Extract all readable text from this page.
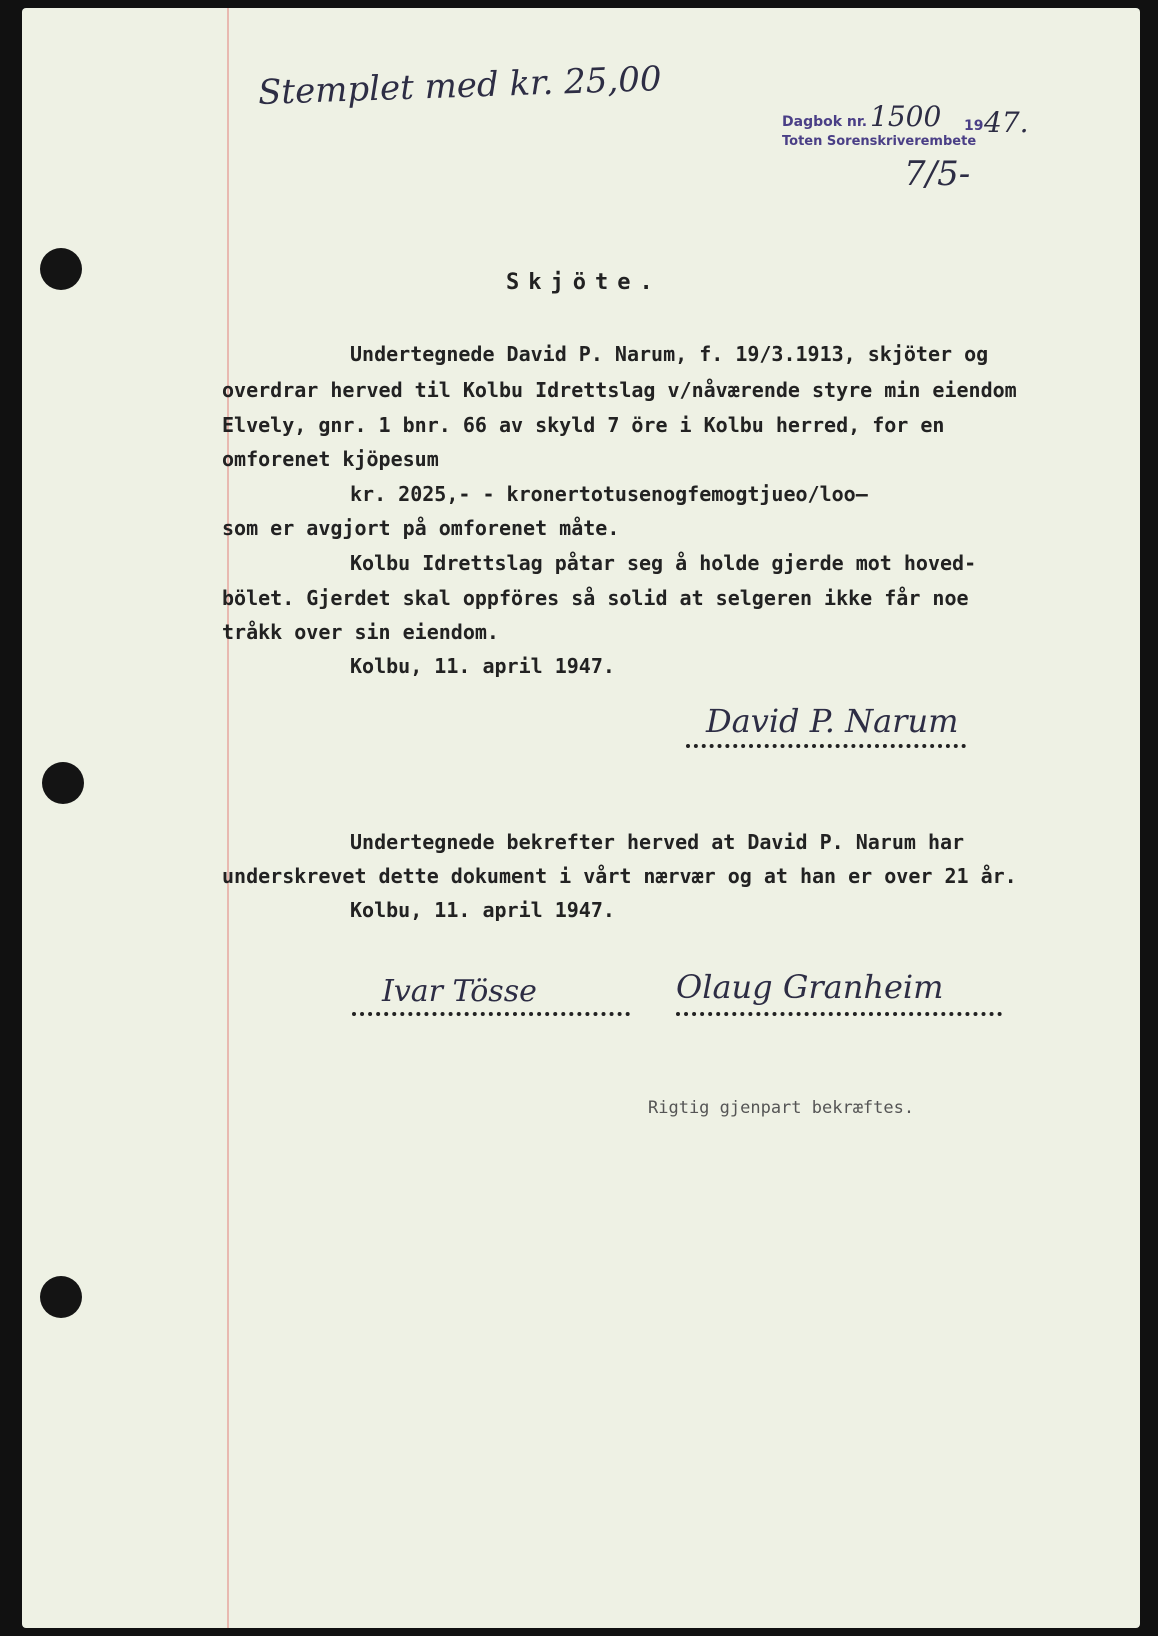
Stemplet med kr. 25,00
Dagbok nr. 1500 19 47.
Toten Sorenskriverembete
7/5-
Skjöte.
Undertegnede David P. Narum, f. 19/3.1913, skjöter og
overdrar herved til Kolbu Idrettslag v/nåværende styre min eiendom
Elvely, gnr. 1 bnr. 66 av skyld 7 öre i Kolbu herred, for en
omforenet kjöpesum
kr. 2025,- - kronertotusenogfemogtjueo/loo—
som er avgjort på omforenet måte.
Kolbu Idrettslag påtar seg å holde gjerde mot hoved-
bölet. Gjerdet skal oppföres så solid at selgeren ikke får noe
tråkk over sin eiendom.
Kolbu, 11. april 1947.
David P. Narum
Undertegnede bekrefter herved at David P. Narum har
underskrevet dette dokument i vårt nærvær og at han er over 21 år.
Kolbu, 11. april 1947.
Ivar Tösse	Olaug Granheim
Rigtig gjenpart bekræftes.
